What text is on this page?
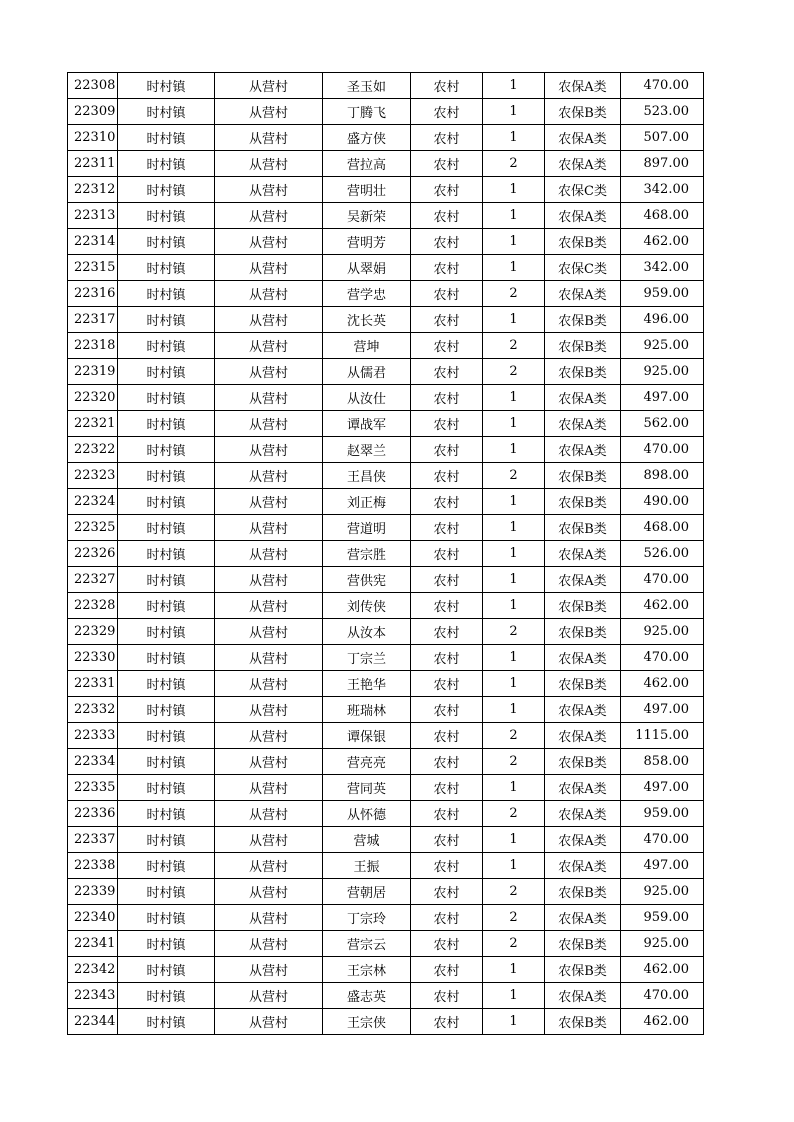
22308	时村镇	从营村	圣玉如	农村	1	农保A类	470.00
22309	时村镇	从营村	丁腾飞	农村	1	农保B类	523.00
22310	时村镇	从营村	盛方侠	农村	1	农保A类	507.00
22311	时村镇	从营村	营拉高	农村	2	农保A类	897.00
22312	时村镇	从营村	营明壮	农村	1	农保C类	342.00
22313	时村镇	从营村	吴新荣	农村	1	农保A类	468.00
22314	时村镇	从营村	营明芳	农村	1	农保B类	462.00
22315	时村镇	从营村	从翠娟	农村	1	农保C类	342.00
22316	时村镇	从营村	营学忠	农村	2	农保A类	959.00
22317	时村镇	从营村	沈长英	农村	1	农保B类	496.00
22318	时村镇	从营村	营坤	农村	2	农保B类	925.00
22319	时村镇	从营村	从儒君	农村	2	农保B类	925.00
22320	时村镇	从营村	从汝仕	农村	1	农保A类	497.00
22321	时村镇	从营村	谭战军	农村	1	农保A类	562.00
22322	时村镇	从营村	赵翠兰	农村	1	农保A类	470.00
22323	时村镇	从营村	王昌侠	农村	2	农保B类	898.00
22324	时村镇	从营村	刘正梅	农村	1	农保B类	490.00
22325	时村镇	从营村	营道明	农村	1	农保B类	468.00
22326	时村镇	从营村	营宗胜	农村	1	农保A类	526.00
22327	时村镇	从营村	营供宪	农村	1	农保A类	470.00
22328	时村镇	从营村	刘传侠	农村	1	农保B类	462.00
22329	时村镇	从营村	从汝本	农村	2	农保B类	925.00
22330	时村镇	从营村	丁宗兰	农村	1	农保A类	470.00
22331	时村镇	从营村	王艳华	农村	1	农保B类	462.00
22332	时村镇	从营村	班瑞林	农村	1	农保A类	497.00
22333	时村镇	从营村	谭保银	农村	2	农保A类	1115.00
22334	时村镇	从营村	营亮亮	农村	2	农保B类	858.00
22335	时村镇	从营村	营同英	农村	1	农保A类	497.00
22336	时村镇	从营村	从怀德	农村	2	农保A类	959.00
22337	时村镇	从营村	营城	农村	1	农保A类	470.00
22338	时村镇	从营村	王振	农村	1	农保A类	497.00
22339	时村镇	从营村	营朝居	农村	2	农保B类	925.00
22340	时村镇	从营村	丁宗玲	农村	2	农保A类	959.00
22341	时村镇	从营村	营宗云	农村	2	农保B类	925.00
22342	时村镇	从营村	王宗林	农村	1	农保B类	462.00
22343	时村镇	从营村	盛志英	农村	1	农保A类	470.00
22344	时村镇	从营村	王宗侠	农村	1	农保B类	462.00
